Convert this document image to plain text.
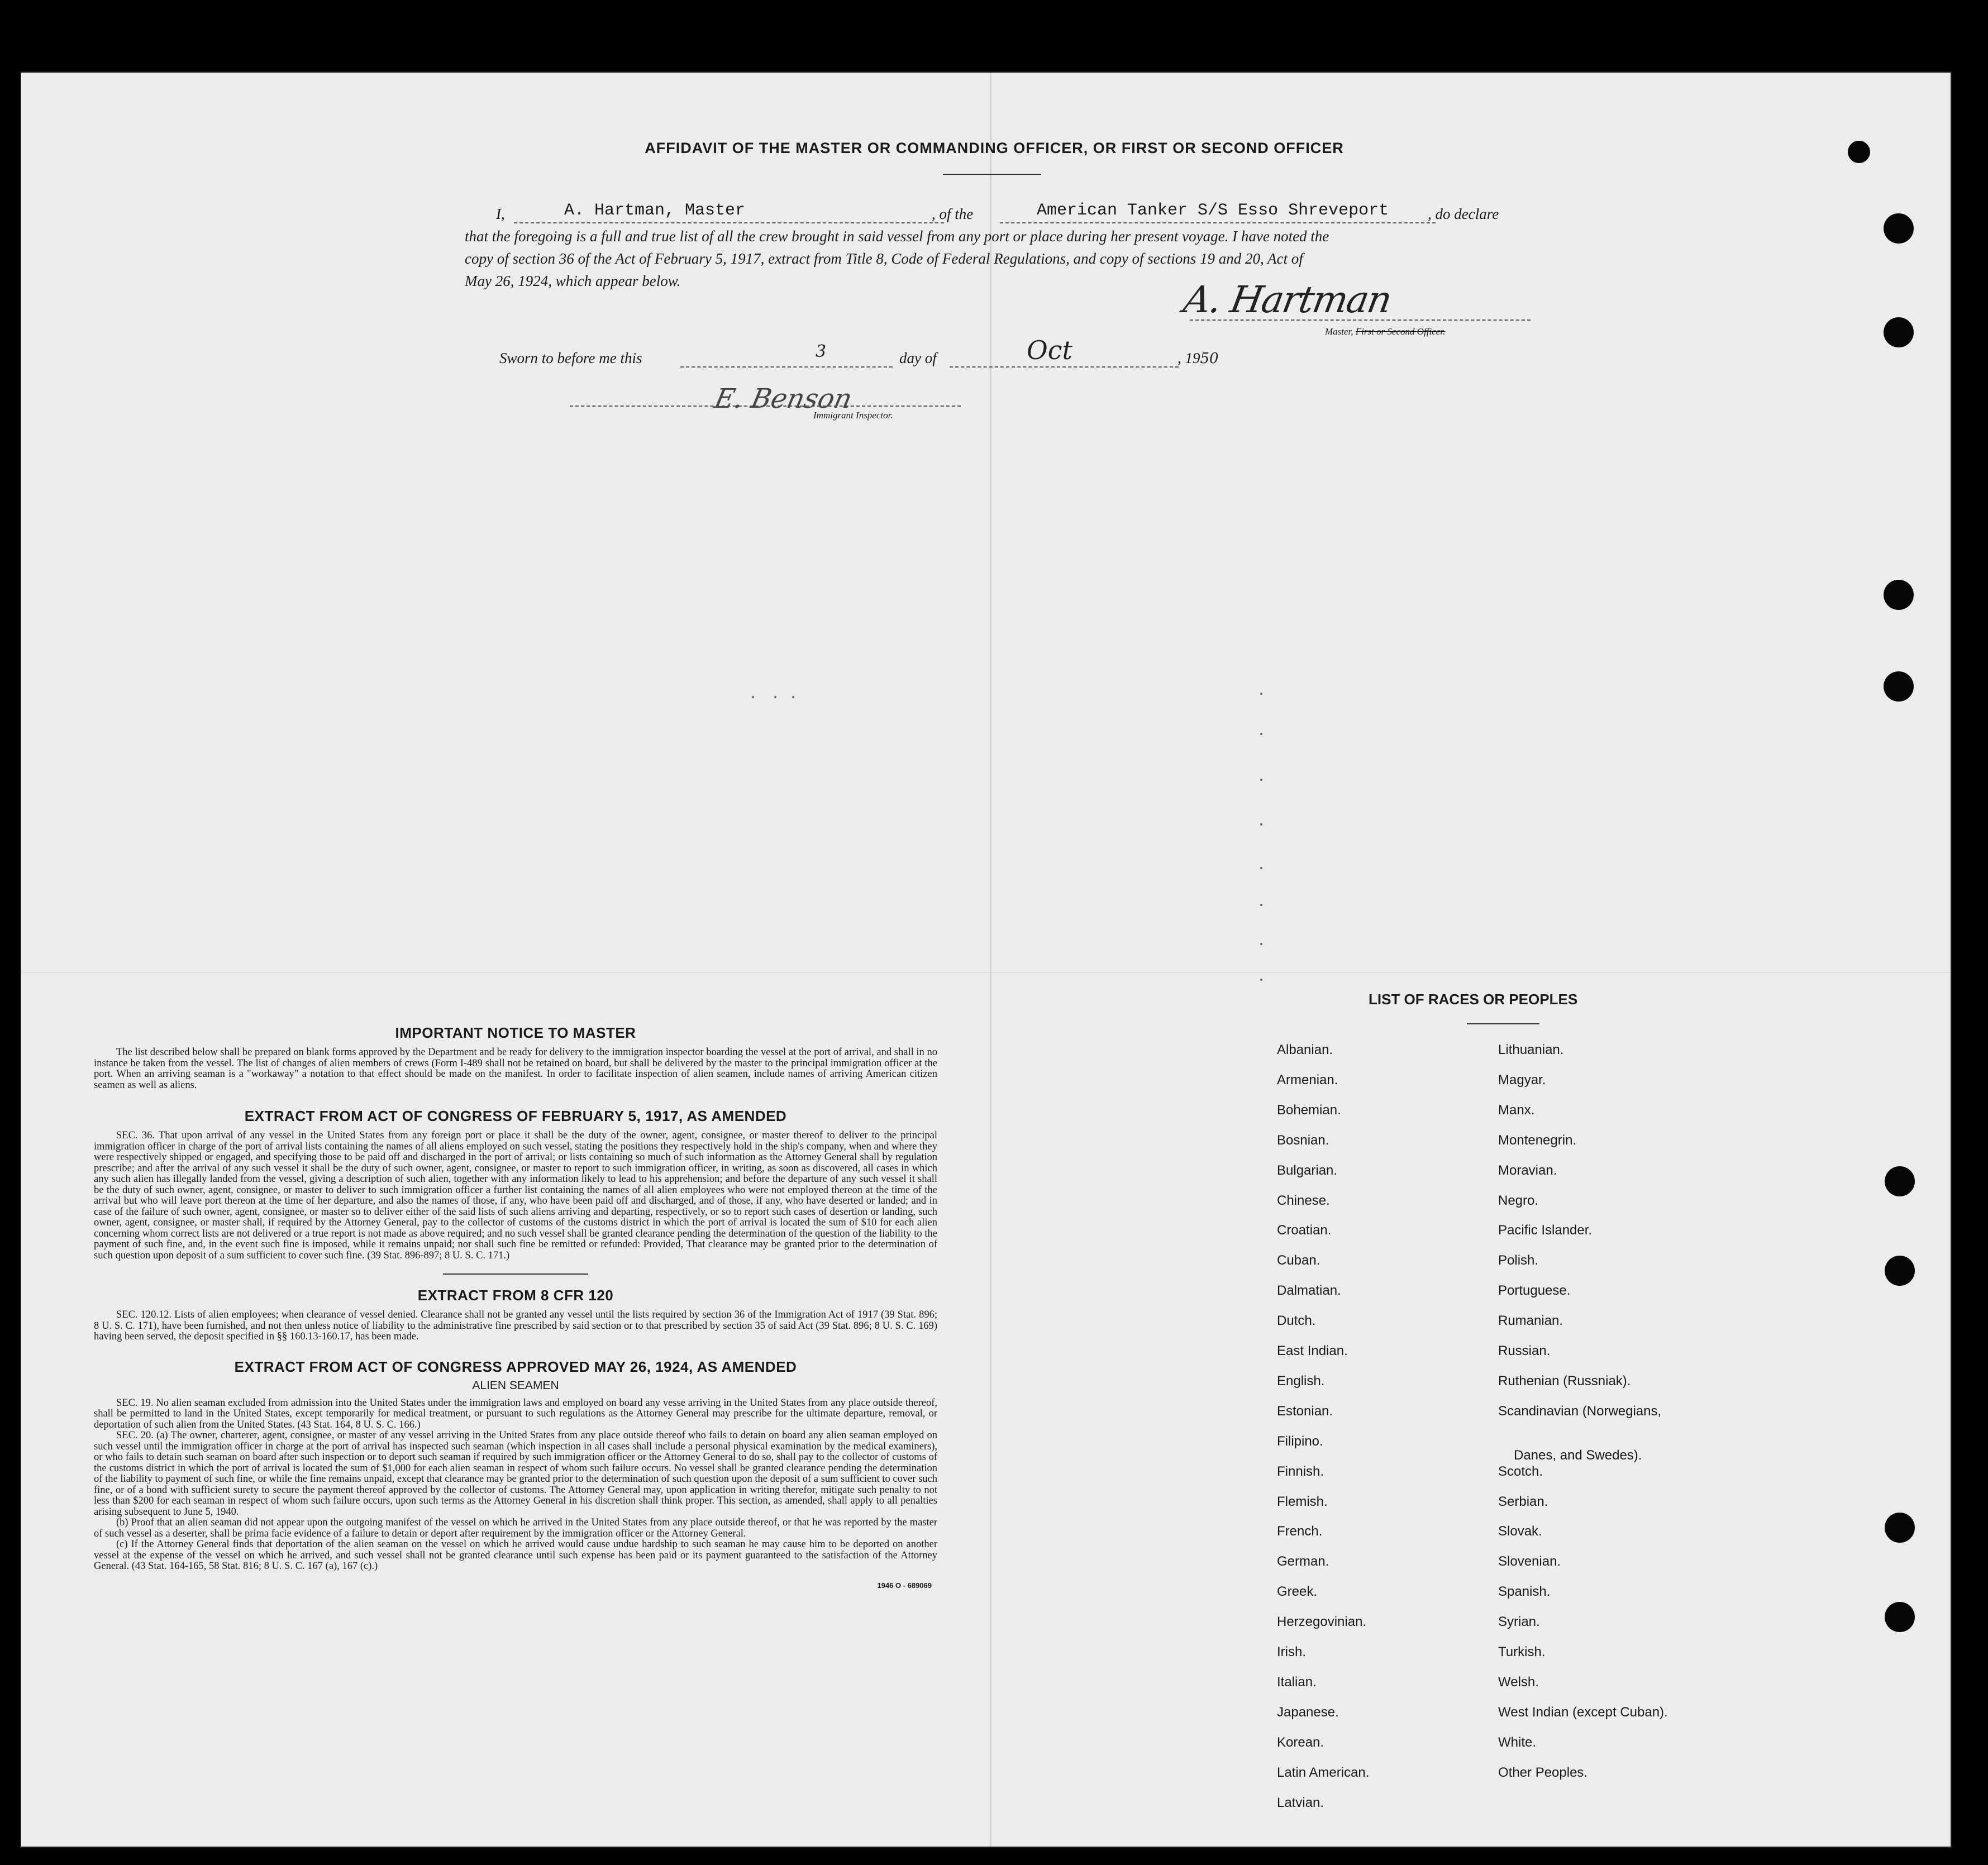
AFFIDAVIT OF THE MASTER OR COMMANDING OFFICER, OR FIRST OR SECOND OFFICER
I,	A. Hartman, Master	, of the	American Tanker S/S Esso Shreveport	, do declare
that the foregoing is a full and true list of all the crew brought in said vessel from any port or place during her present voyage. I have noted the
copy of section 36 of the Act of February 5, 1917, extract from Title 8, Code of Federal Regulations, and copy of sections 19 and 20, Act of
May 26, 1924, which appear below.	A. Hartman
Master, First or Second Officer.
Sworn to before me this	3	day of	Oct	, 1950
E. Benson
Immigrant Inspector.
IMPORTANT NOTICE TO MASTER
The list described below shall be prepared on blank forms approved by the Department and be ready for delivery to the immigration inspector boarding the vessel at the port of arrival, and shall in no instance be taken from the vessel. The list of changes of alien members of crews (Form I-489 shall not be retained on board, but shall be delivered by the master to the principal immigration officer at the port. When an arriving seaman is a "workaway" a notation to that effect should be made on the manifest. In order to facilitate inspection of alien seamen, include names of arriving American citizen seamen as well as aliens.
EXTRACT FROM ACT OF CONGRESS OF FEBRUARY 5, 1917, AS AMENDED
SEC. 36. That upon arrival of any vessel in the United States from any foreign port or place it shall be the duty of the owner, agent, consignee, or master thereof to deliver to the principal immigration officer in charge of the port of arrival lists containing the names of all aliens employed on such vessel, stating the positions they respectively hold in the ship's company, when and where they were respectively shipped or engaged, and specifying those to be paid off and discharged in the port of arrival; or lists containing so much of such information as the Attorney General shall by regulation prescribe; and after the arrival of any such vessel it shall be the duty of such owner, agent, consignee, or master to report to such immigration officer, in writing, as soon as discovered, all cases in which any such alien has illegally landed from the vessel, giving a description of such alien, together with any information likely to lead to his apprehension; and before the departure of any such vessel it shall be the duty of such owner, agent, consignee, or master to deliver to such immigration officer a further list containing the names of all alien employees who were not employed thereon at the time of the arrival but who will leave port thereon at the time of her departure, and also the names of those, if any, who have been paid off and discharged, and of those, if any, who have deserted or landed; and in case of the failure of such owner, agent, consignee, or master so to deliver either of the said lists of such aliens arriving and departing, respectively, or so to report such cases of desertion or landing, such owner, agent, consignee, or master shall, if required by the Attorney General, pay to the collector of customs of the customs district in which the port of arrival is located the sum of $10 for each alien concerning whom correct lists are not delivered or a true report is not made as above required; and no such vessel shall be granted clearance pending the determination of the question of the liability to the payment of such fine, and, in the event such fine is imposed, while it remains unpaid; nor shall such fine be remitted or refunded: Provided, That clearance may be granted prior to the determination of such question upon deposit of a sum sufficient to cover such fine. (39 Stat. 896-897; 8 U. S. C. 171.)
EXTRACT FROM 8 CFR 120
SEC. 120.12. Lists of alien employees; when clearance of vessel denied. Clearance shall not be granted any vessel until the lists required by section 36 of the Immigration Act of 1917 (39 Stat. 896; 8 U. S. C. 171), have been furnished, and not then unless notice of liability to the administrative fine prescribed by said section or to that prescribed by section 35 of said Act (39 Stat. 896; 8 U. S. C. 169) having been served, the deposit specified in §§ 160.13-160.17, has been made.
EXTRACT FROM ACT OF CONGRESS APPROVED MAY 26, 1924, AS AMENDED
ALIEN SEAMEN
SEC. 19. No alien seaman excluded from admission into the United States under the immigration laws and employed on board any vesse arriving in the United States from any place outside thereof, shall be permitted to land in the United States, except temporarily for medical treatment, or pursuant to such regulations as the Attorney General may prescribe for the ultimate departure, removal, or deportation of such alien from the United States. (43 Stat. 164, 8 U. S. C. 166.)
SEC. 20. (a) The owner, charterer, agent, consignee, or master of any vessel arriving in the United States from any place outside thereof who fails to detain on board any alien seaman employed on such vessel until the immigration officer in charge at the port of arrival has inspected such seaman (which inspection in all cases shall include a personal physical examination by the medical examiners), or who fails to detain such seaman on board after such inspection or to deport such seaman if required by such immigration officer or the Attorney General to do so, shall pay to the collector of customs of the customs district in which the port of arrival is located the sum of $1,000 for each alien seaman in respect of whom such failure occurs. No vessel shall be granted clearance pending the determination of the liability to payment of such fine, or while the fine remains unpaid, except that clearance may be granted prior to the determination of such question upon the deposit of a sum sufficient to cover such fine, or of a bond with sufficient surety to secure the payment thereof approved by the collector of customs. The Attorney General may, upon application in writing therefor, mitigate such penalty to not less than $200 for each seaman in respect of whom such failure occurs, upon such terms as the Attorney General in his discretion shall think proper. This section, as amended, shall apply to all penalties arising subsequent to June 5, 1940.
(b) Proof that an alien seaman did not appear upon the outgoing manifest of the vessel on which he arrived in the United States from any place outside thereof, or that he was reported by the master of such vessel as a deserter, shall be prima facie evidence of a failure to detain or deport after requirement by the immigration officer or the Attorney General.
(c) If the Attorney General finds that deportation of the alien seaman on the vessel on which he arrived would cause undue hardship to such seaman he may cause him to be deported on another vessel at the expense of the vessel on which he arrived, and such vessel shall not be granted clearance until such expense has been paid or its payment guaranteed to the satisfaction of the Attorney General. (43 Stat. 164-165, 58 Stat. 816; 8 U. S. C. 167 (a), 167 (c).)
1946 O - 689069
LIST OF RACES OR PEOPLES
Albanian.
Armenian.
Bohemian.
Bosnian.
Bulgarian.
Chinese.
Croatian.
Cuban.
Dalmatian.
Dutch.
East Indian.
English.
Estonian.
Filipino.
Finnish.
Flemish.
French.
German.
Greek.
Herzegovinian.
Irish.
Italian.
Japanese.
Korean.
Latin American.
Latvian.
Lithuanian.
Magyar.
Manx.
Montenegrin.
Moravian.
Negro.
Pacific Islander.
Polish.
Portuguese.
Rumanian.
Russian.
Ruthenian (Russniak).
Scandinavian (Norwegians,
Danes, and Swedes).
Scotch.
Serbian.
Slovak.
Slovenian.
Spanish.
Syrian.
Turkish.
Welsh.
West Indian (except Cuban).
White.
Other Peoples.
